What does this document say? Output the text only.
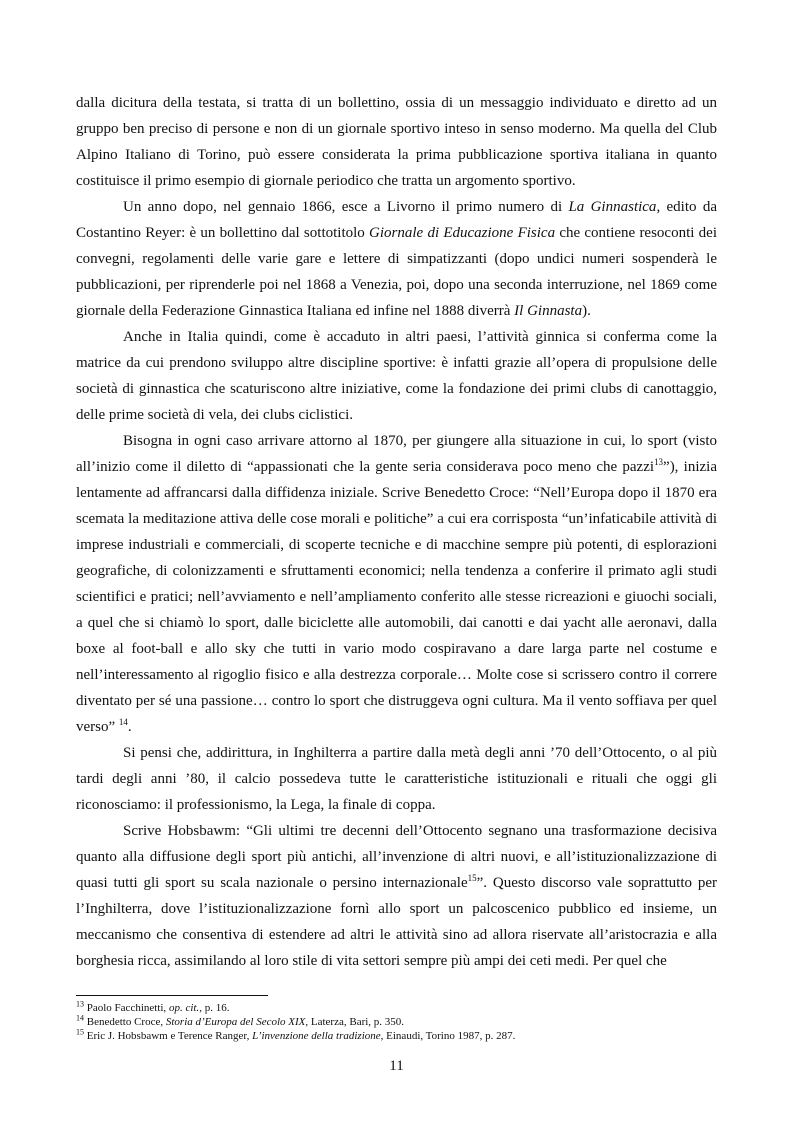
dalla dicitura della testata, si tratta di un bollettino, ossia di un messaggio individuato e diretto ad un gruppo ben preciso di persone e non di un giornale sportivo inteso in senso moderno. Ma quella del Club Alpino Italiano di Torino, può essere considerata la prima pubblicazione sportiva italiana in quanto costituisce il primo esempio di giornale periodico che tratta un argomento sportivo.

Un anno dopo, nel gennaio 1866, esce a Livorno il primo numero di La Ginnastica, edito da Costantino Reyer: è un bollettino dal sottotitolo Giornale di Educazione Fisica che contiene resoconti dei convegni, regolamenti delle varie gare e lettere di simpatizzanti (dopo undici numeri sospenderà le pubblicazioni, per riprenderle poi nel 1868 a Venezia, poi, dopo una seconda interruzione, nel 1869 come giornale della Federazione Ginnastica Italiana ed infine nel 1888 diverrà Il Ginnasta).

Anche in Italia quindi, come è accaduto in altri paesi, l’attività ginnica si conferma come la matrice da cui prendono sviluppo altre discipline sportive: è infatti grazie all’opera di propulsione delle società di ginnastica che scaturiscono altre iniziative, come la fondazione dei primi clubs di canottaggio, delle prime società di vela, dei clubs ciclistici.

Bisogna in ogni caso arrivare attorno al 1870, per giungere alla situazione in cui, lo sport (visto all’inizio come il diletto di “appassionati che la gente seria considerava poco meno che pazzi$^{13}$”), inizia lentamente ad affrancarsi dalla diffidenza iniziale. Scrive Benedetto Croce: “Nell’Europa dopo il 1870 era scemata la meditazione attiva delle cose morali e politiche” a cui era corrisposta “un’infaticabile attività di imprese industriali e commerciali, di scoperte tecniche e di macchine sempre più potenti, di esplorazioni geografiche, di colonizzamenti e sfruttamenti economici; nella tendenza a conferire il primato agli studi scientifici e pratici; nell’avviamento e nell’ampliamento conferito alle stesse ricreazioni e giuochi sociali, a quel che si chiamò lo sport, dalle biciclette alle automobili, dai canotti e dai yacht alle aeronavi, dalla boxe al foot-ball e allo sky che tutti in vario modo cospiravano a dare larga parte nel costume e nell’interessamento al rigoglio fisico e alla destrezza corporale… Molte cose si scrissero contro il correre diventato per sé una passione… contro lo sport che distruggeva ogni cultura. Ma il vento soffiava per quel verso” $^{14}$.

Si pensi che, addirittura, in Inghilterra a partire dalla metà degli anni ’70 dell’Ottocento, o al più tardi degli anni ’80, il calcio possedeva tutte le caratteristiche istituzionali e rituali che oggi gli riconosciamo: il professionismo, la Lega, la finale di coppa.

Scrive Hobsbawm: “Gli ultimi tre decenni dell’Ottocento segnano una trasformazione decisiva quanto alla diffusione degli sport più antichi, all’invenzione di altri nuovi, e all’istituzionalizzazione di quasi tutti gli sport su scala nazionale o persino internazionale$^{15}$”. Questo discorso vale soprattutto per l’Inghilterra, dove l’istituzionalizzazione fornì allo sport un palcoscenico pubblico ed insieme, un meccanismo che consentiva di estendere ad altri le attività sino ad allora riservate all’aristocrazia e alla borghesia ricca, assimilando al loro stile di vita settori sempre più ampi dei ceti medi. Per quel che

$^{13}$ Paolo Facchinetti, op. cit., p. 16.
$^{14}$ Benedetto Croce, Storia d’Europa del Secolo XIX, Laterza, Bari, p. 350.
$^{15}$ Eric J. Hobsbawm e Terence Ranger, L’invenzione della tradizione, Einaudi, Torino 1987, p. 287.
11
